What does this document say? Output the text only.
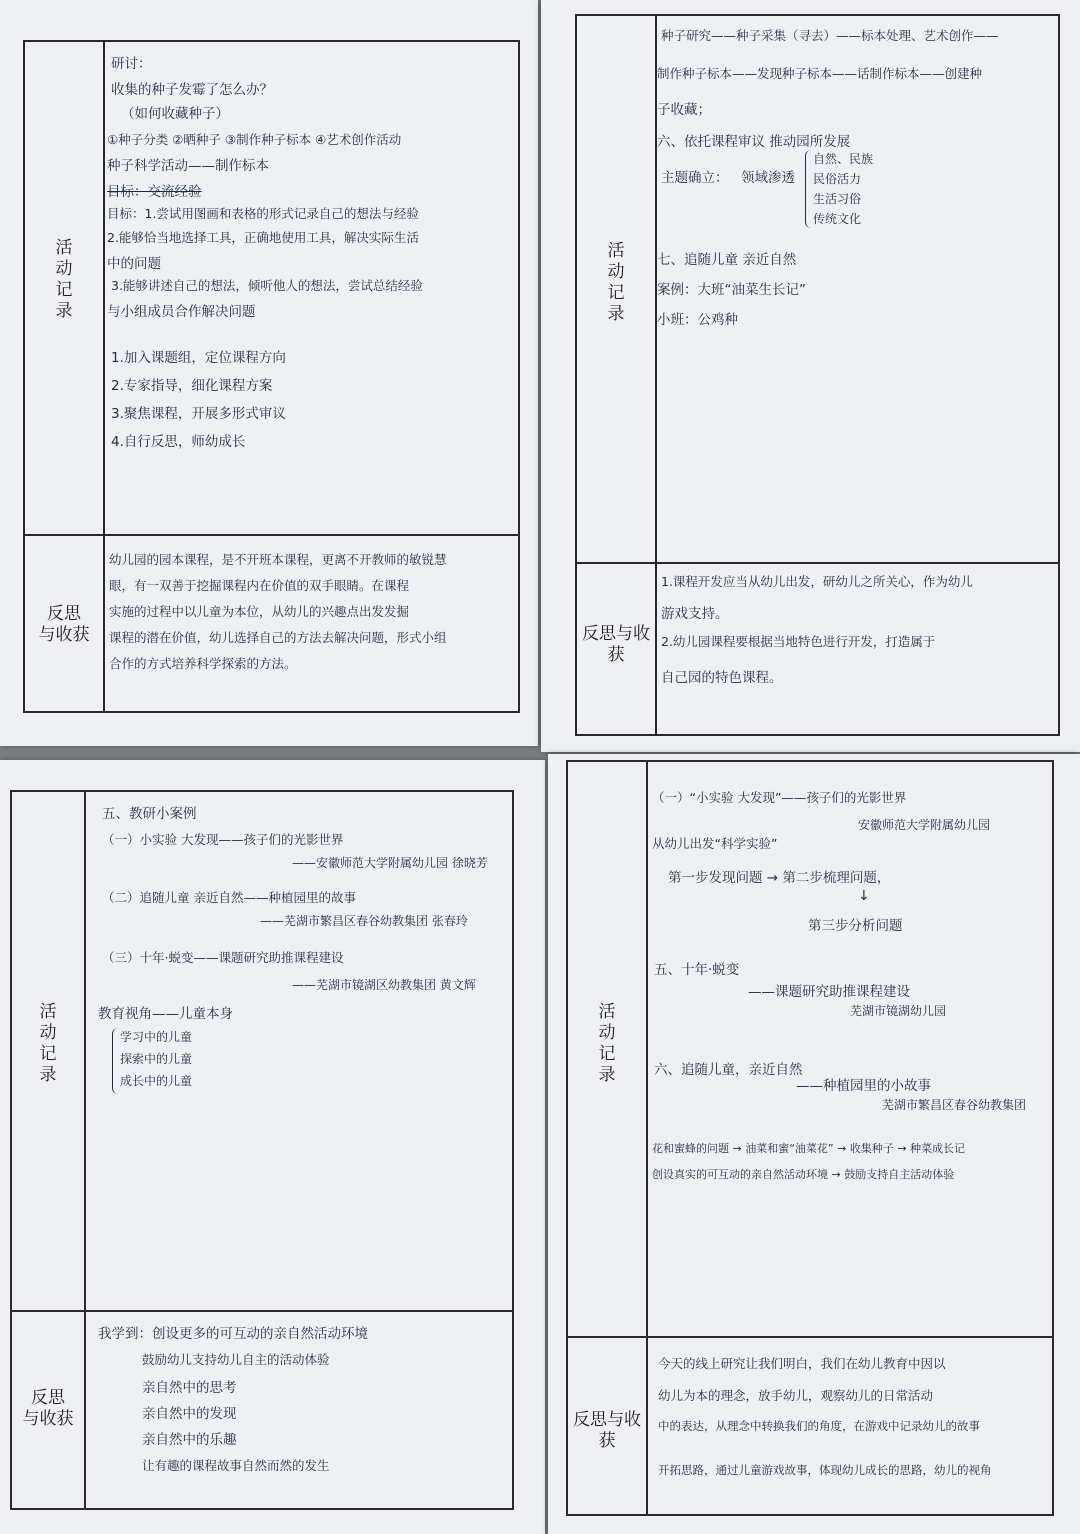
活
动
记
录
反思
与收获
研讨：
收集的种子发霉了怎么办？
（如何收藏种子）
①种子分类 ②晒种子 ③制作种子标本 ④艺术创作活动
种子科学活动——制作标本
目标：交流经验
目标：1.尝试用图画和表格的形式记录自己的想法与经验
2.能够恰当地选择工具，正确地使用工具，解决实际生活
中的问题
3.能够讲述自己的想法，倾听他人的想法，尝试总结经验
与小组成员合作解决问题
1.加入课题组，定位课程方向
2.专家指导，细化课程方案
3.聚焦课程，开展多形式审议
4.自行反思，师幼成长
幼儿园的园本课程，是不开班本课程，更离不开教师的敏锐慧
眼，有一双善于挖掘课程内在价值的双手眼睛。在课程
实施的过程中以儿童为本位，从幼儿的兴趣点出发发掘
课程的潜在价值，幼儿选择自己的方法去解决问题，形式小组
合作的方式培养科学探索的方法。
活
动
记
录
反思与收获
种子研究——种子采集（寻去）——标本处理、艺术创作——
制作种子标本——发现种子标本——话制作标本——创建种
子收藏；
六、依托课程审议 推动园所发展
主题确立： 领域渗透
自然、民族
民俗活力
生活习俗
传统文化
七、追随儿童 亲近自然
案例：大班“油菜生长记”
小班：公鸡种
1.课程开发应当从幼儿出发，研幼儿之所关心，作为幼儿
游戏支持。
2.幼儿园课程要根据当地特色进行开发，打造属于
自己园的特色课程。
活
动
记
录
反思
与收获
五、教研小案例
（一）小实验 大发现——孩子们的光影世界
——安徽师范大学附属幼儿园 徐晓芳
（二）追随儿童 亲近自然——种植园里的故事
——芜湖市繁昌区春谷幼教集团 张春玲
（三）十年·蜕变——课题研究助推课程建设
——芜湖市镜湖区幼教集团 黄文辉
教育视角——儿童本身
学习中的儿童
探索中的儿童
成长中的儿童
我学到：创设更多的可互动的亲自然活动环境
鼓励幼儿支持幼儿自主的活动体验
亲自然中的思考
亲自然中的发现
亲自然中的乐趣
让有趣的课程故事自然而然的发生
活
动
记
录
反思与收获
（一）“小实验 大发现”——孩子们的光影世界
安徽师范大学附属幼儿园
从幼儿出发“科学实验”
第一步发现问题 → 第二步梳理问题，
↓
第三步分析问题
五、十年·蜕变
——课题研究助推课程建设
芜湖市镜湖幼儿园
六、追随儿童，亲近自然
——种植园里的小故事
芜湖市繁昌区春谷幼教集团
花和蜜蜂的问题 → 油菜和蜜“油菜花” → 收集种子 → 种菜成长记
创设真实的可互动的亲自然活动环境 → 鼓励支持自主活动体验
今天的线上研究让我们明白，我们在幼儿教育中因以
幼儿为本的理念，放手幼儿，观察幼儿的日常活动
中的表达，从理念中转换我们的角度，在游戏中记录幼儿的故事
开拓思路，通过儿童游戏故事，体现幼儿成长的思路，幼儿的视角
